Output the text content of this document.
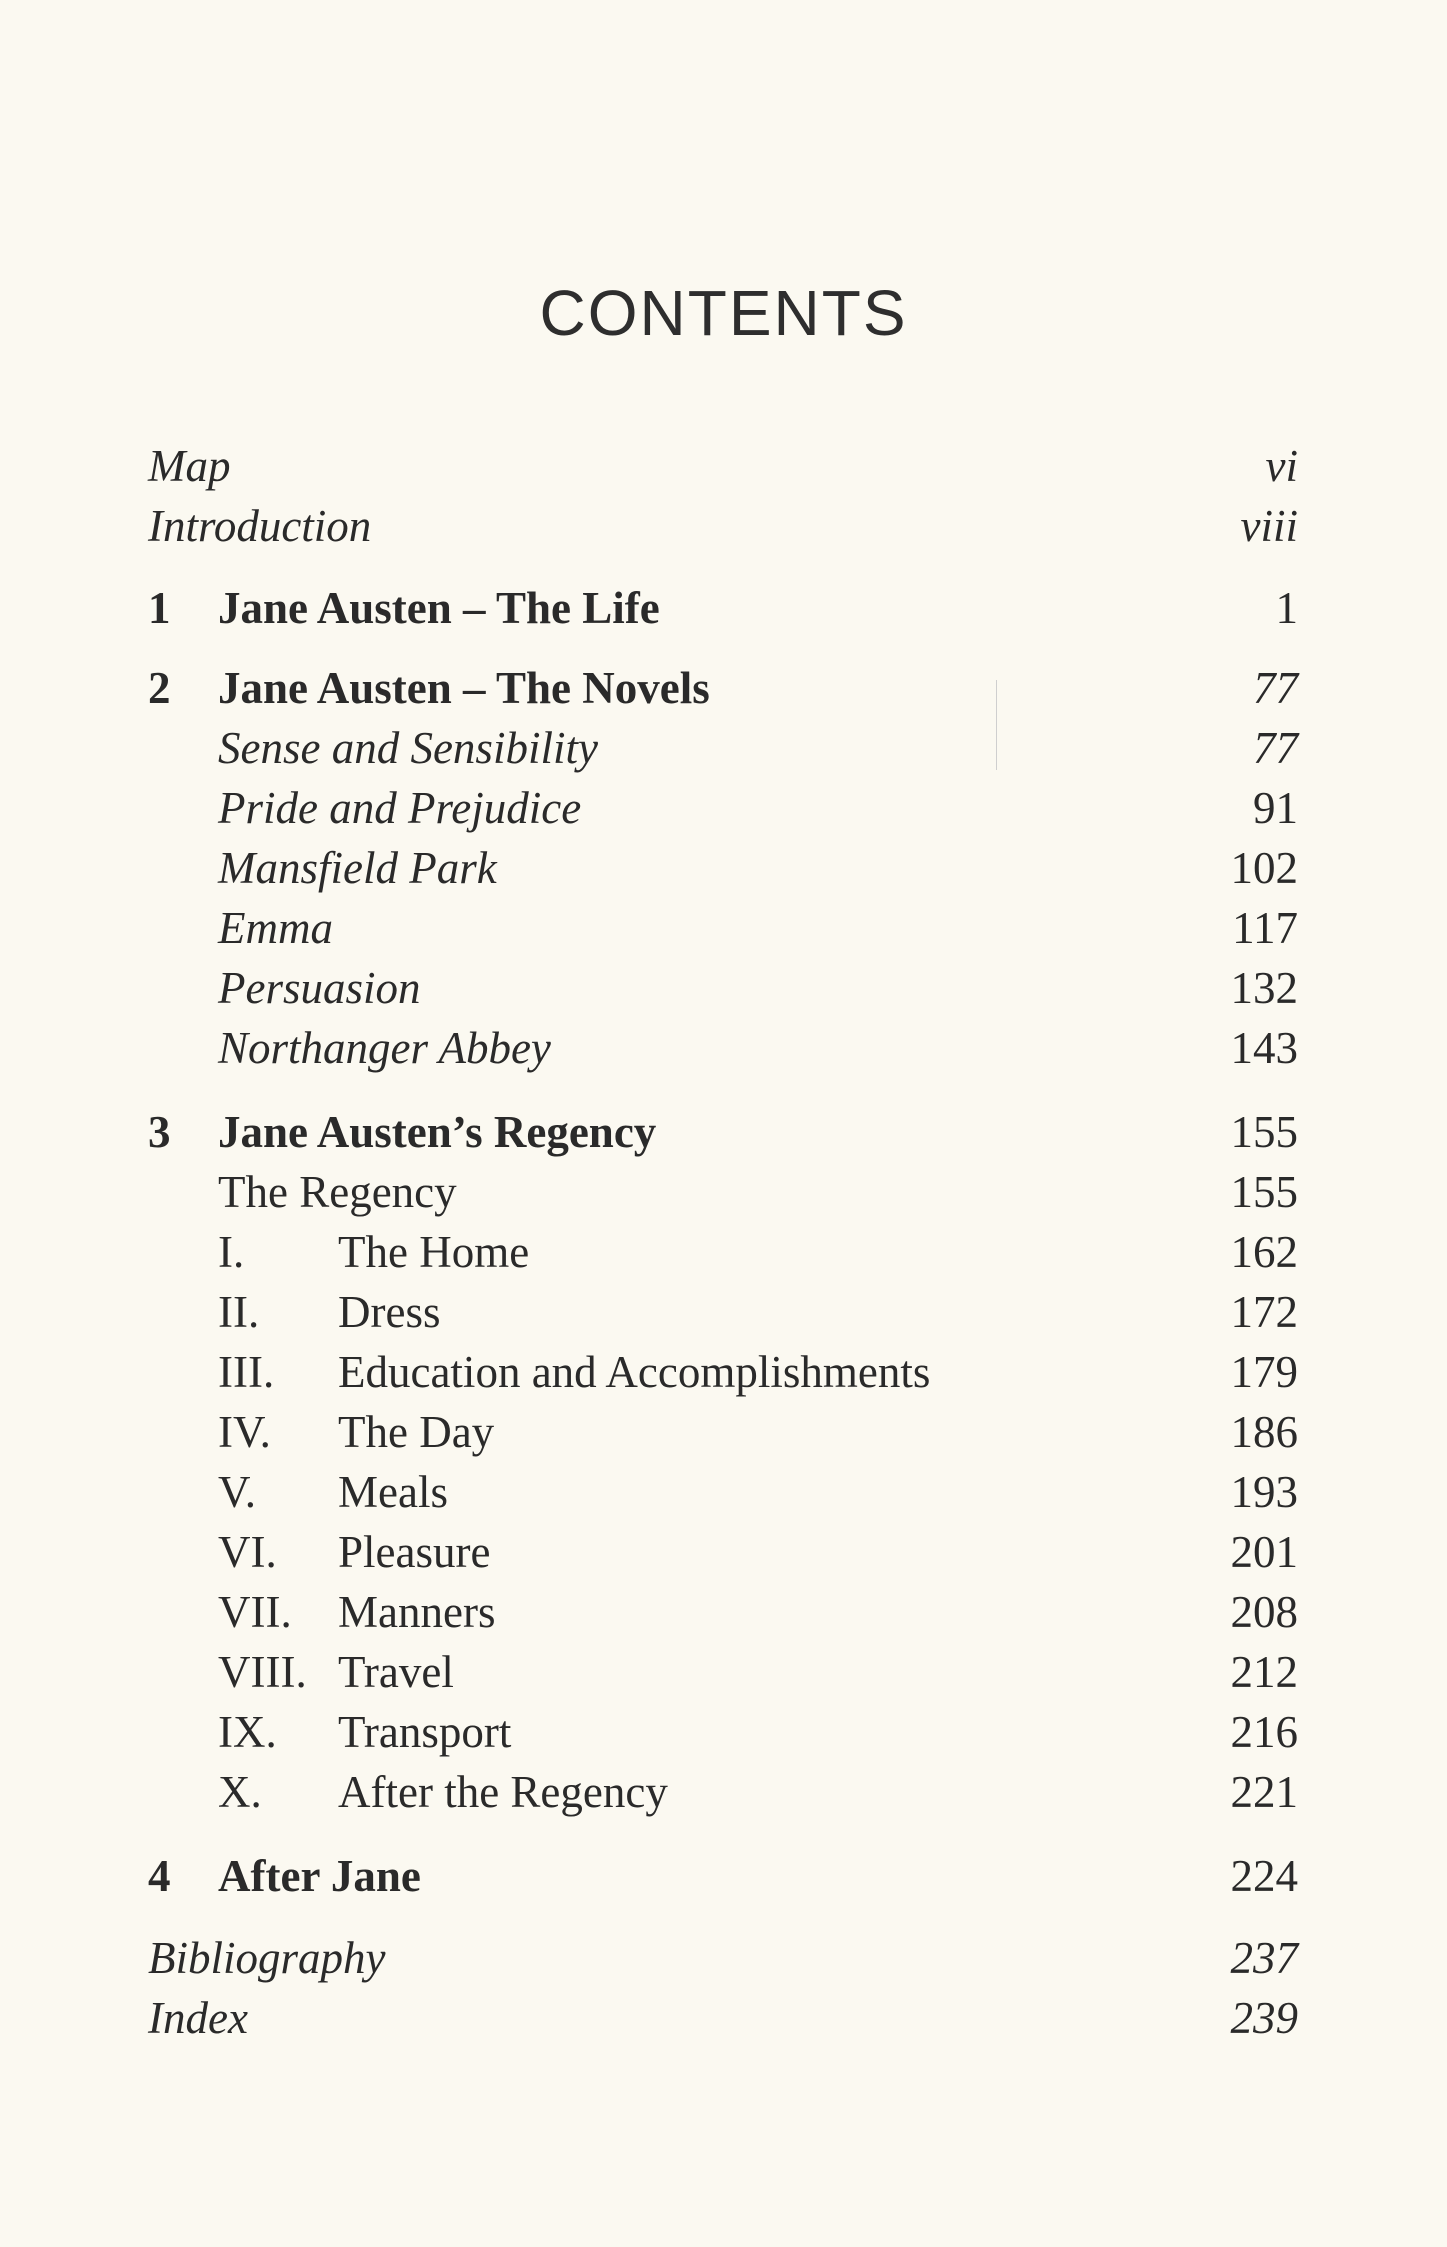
CONTENTS
Map	vi
Introduction	viii
1 Jane Austen – The Life	1
2 Jane Austen – The Novels	77
Sense and Sensibility	77
Pride and Prejudice	91
Mansfield Park	102
Emma	117
Persuasion	132
Northanger Abbey	143
3 Jane Austen’s Regency	155
The Regency	155
I. The Home	162
II. Dress	172
III. Education and Accomplishments	179
IV. The Day	186
V. Meals	193
VI. Pleasure	201
VII. Manners	208
VIII. Travel	212
IX. Transport	216
X. After the Regency	221
4 After Jane	224
Bibliography	237
Index	239
